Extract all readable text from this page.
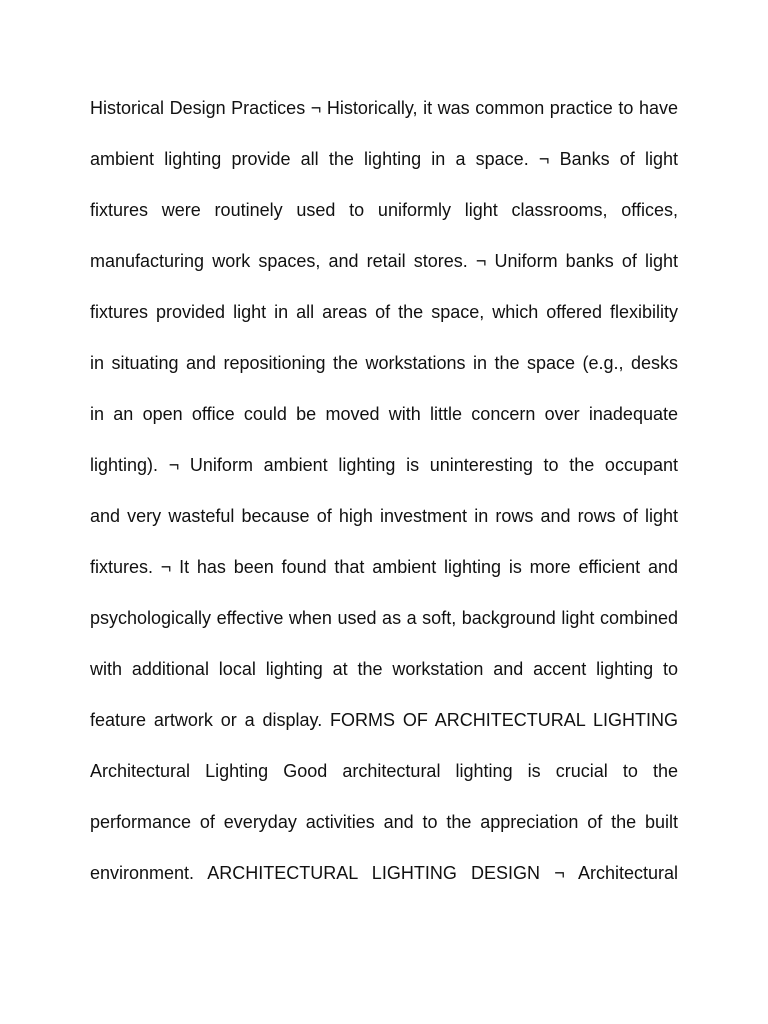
Historical Design Practices ¬ Historically, it was common practice to have
ambient lighting provide all the lighting in a space. ¬ Banks of light
fixtures were routinely used to uniformly light classrooms, offices,
manufacturing work spaces, and retail stores. ¬ Uniform banks of light
fixtures provided light in all areas of the space, which offered flexibility
in situating and repositioning the workstations in the space (e.g., desks
in an open office could be moved with little concern over inadequate
lighting). ¬ Uniform ambient lighting is uninteresting to the occupant
and very wasteful because of high investment in rows and rows of light
fixtures. ¬ It has been found that ambient lighting is more efficient and
psychologically effective when used as a soft, background light combined
with additional local lighting at the workstation and accent lighting to
feature artwork or a display. FORMS OF ARCHITECTURAL LIGHTING
Architectural Lighting Good architectural lighting is crucial to the
performance of everyday activities and to the appreciation of the built
environment. ARCHITECTURAL LIGHTING DESIGN ¬ Architectural
